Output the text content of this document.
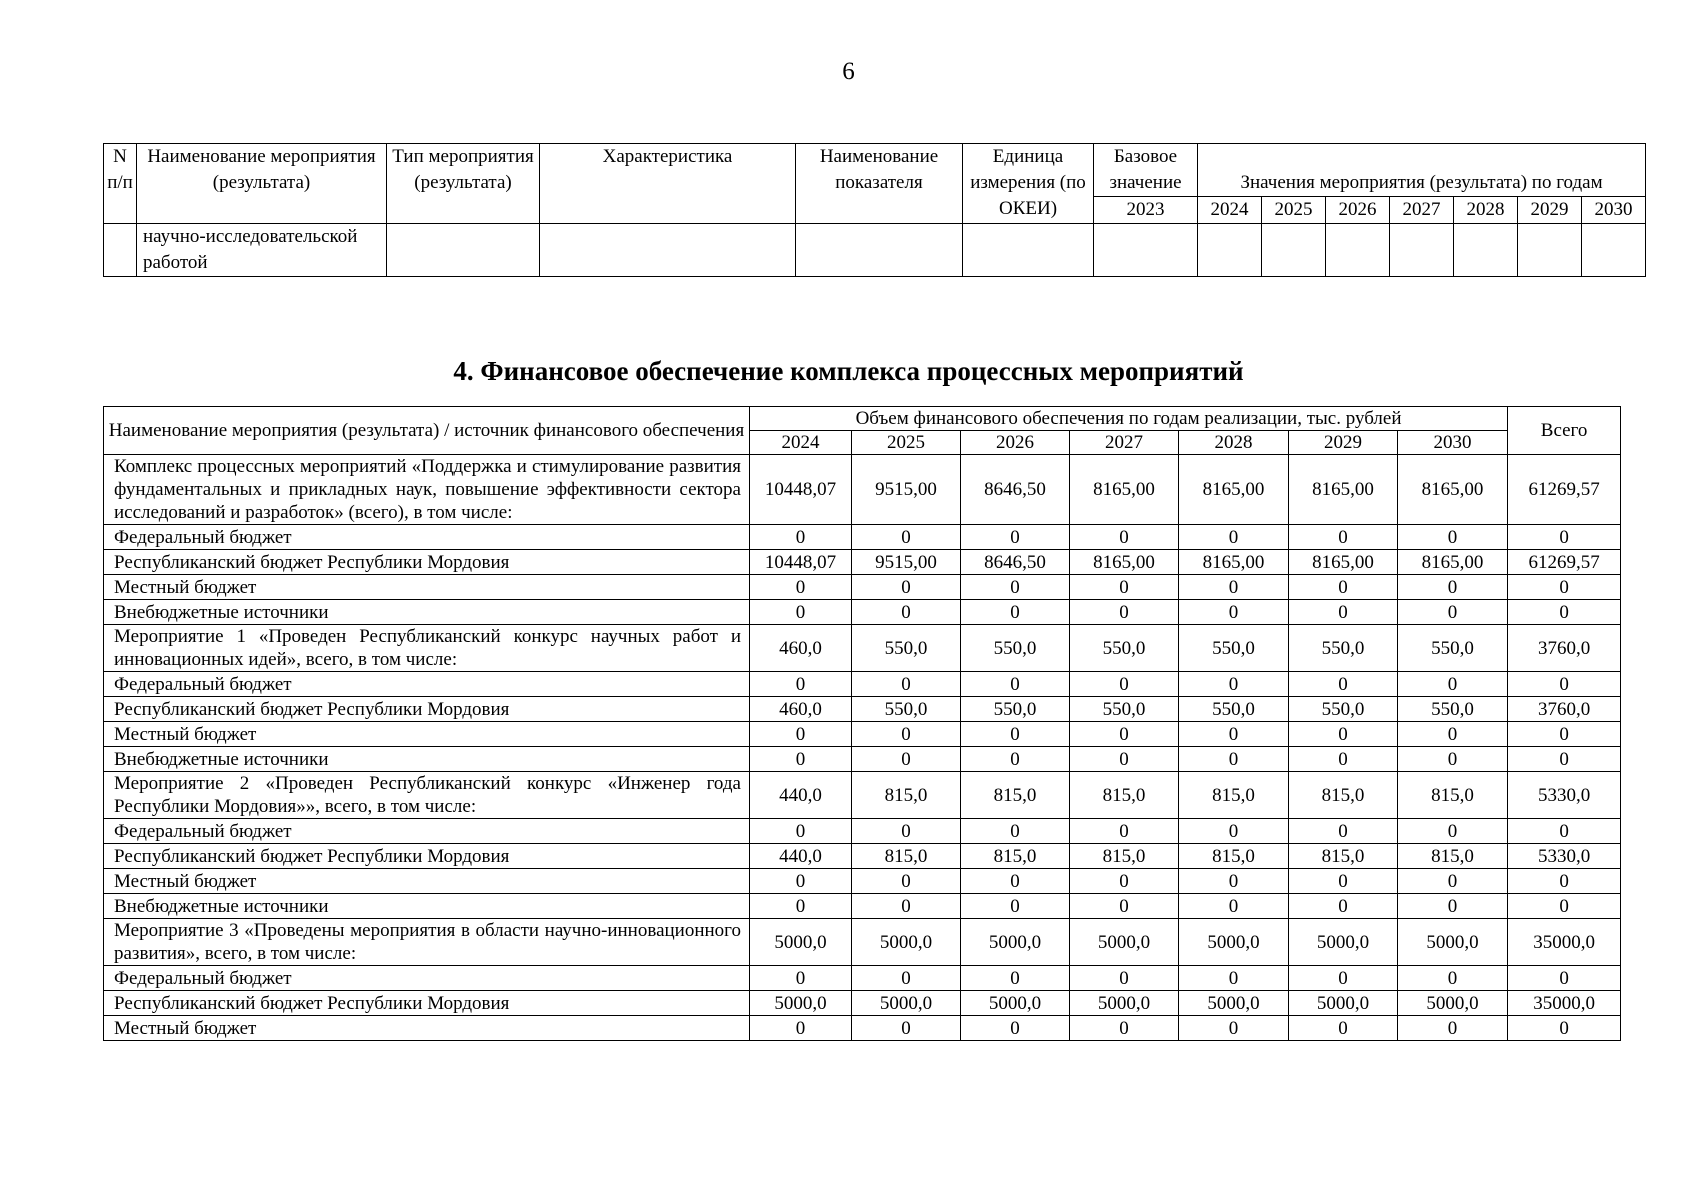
6
N п/п	Наименование мероприятия (результата)	Тип мероприятия (результата)	Характеристика	Наименование показателя	Единица измерения (по ОКЕИ)	Базовое значение	Значения мероприятия (результата) по годам						
						2023	2024	2025	2026	2027	2028	2029	2030
	научно-исследовательской работой												
4. Финансовое обеспечение комплекса процессных мероприятий
Наименование мероприятия (результата) / источник финансового обеспечения	Объем финансового обеспечения по годам реализации, тыс. рублей							Всего
	2024	2025	2026	2027	2028	2029	2030	
Комплекс процессных мероприятий «Поддержка и стимулирование развития фундаментальных и прикладных наук, повышение эффективности сектора исследований и разработок» (всего), в том числе:	10448,07	9515,00	8646,50	8165,00	8165,00	8165,00	8165,00	61269,57
Федеральный бюджет	0	0	0	0	0	0	0	0
Республиканский бюджет Республики Мордовия	10448,07	9515,00	8646,50	8165,00	8165,00	8165,00	8165,00	61269,57
Местный бюджет	0	0	0	0	0	0	0	0
Внебюджетные источники	0	0	0	0	0	0	0	0
Мероприятие 1 «Проведен Республиканский конкурс научных работ и инновационных идей», всего, в том числе:	460,0	550,0	550,0	550,0	550,0	550,0	550,0	3760,0
Федеральный бюджет	0	0	0	0	0	0	0	0
Республиканский бюджет Республики Мордовия	460,0	550,0	550,0	550,0	550,0	550,0	550,0	3760,0
Местный бюджет	0	0	0	0	0	0	0	0
Внебюджетные источники	0	0	0	0	0	0	0	0
Мероприятие 2 «Проведен Республиканский конкурс «Инженер года Республики Мордовия»», всего, в том числе:	440,0	815,0	815,0	815,0	815,0	815,0	815,0	5330,0
Федеральный бюджет	0	0	0	0	0	0	0	0
Республиканский бюджет Республики Мордовия	440,0	815,0	815,0	815,0	815,0	815,0	815,0	5330,0
Местный бюджет	0	0	0	0	0	0	0	0
Внебюджетные источники	0	0	0	0	0	0	0	0
Мероприятие 3 «Проведены мероприятия в области научно-инновационного развития», всего, в том числе:	5000,0	5000,0	5000,0	5000,0	5000,0	5000,0	5000,0	35000,0
Федеральный бюджет	0	0	0	0	0	0	0	0
Республиканский бюджет Республики Мордовия	5000,0	5000,0	5000,0	5000,0	5000,0	5000,0	5000,0	35000,0
Местный бюджет	0	0	0	0	0	0	0	0
